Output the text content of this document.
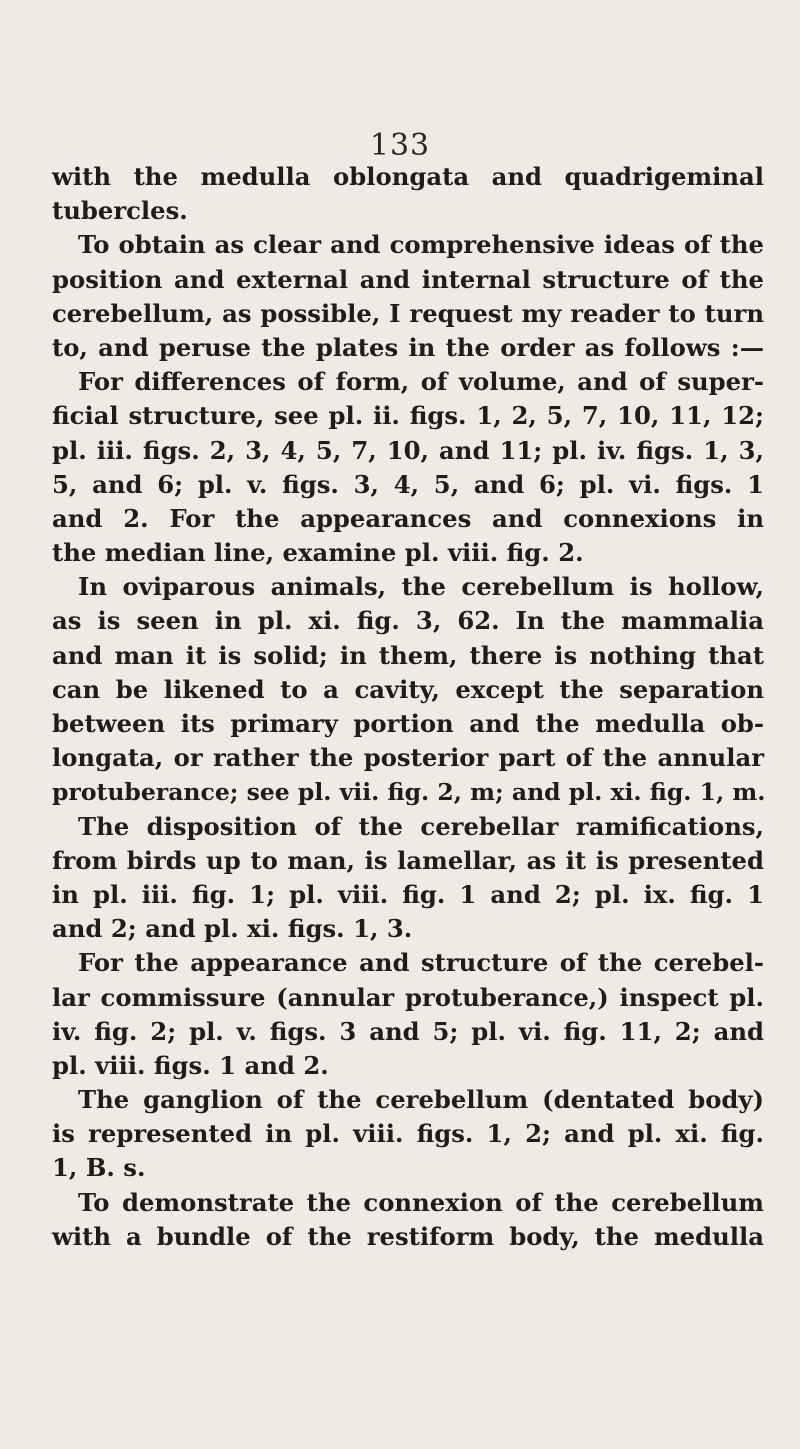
133
with the medulla oblongata and quadrigeminal
tubercles.
To obtain as clear and comprehensive ideas of the
position and external and internal structure of the
cerebellum, as possible, I request my reader to turn
to, and peruse the plates in the order as follows :—
For differences of form, of volume, and of super-
ficial structure, see pl. ii. figs. 1, 2, 5, 7, 10, 11, 12;
pl. iii. figs. 2, 3, 4, 5, 7, 10, and 11; pl. iv. figs. 1, 3,
5, and 6; pl. v. figs. 3, 4, 5, and 6; pl. vi. figs. 1
and 2. For the appearances and connexions in
the median line, examine pl. viii. fig. 2.
In oviparous animals, the cerebellum is hollow,
as is seen in pl. xi. fig. 3, 62. In the mammalia
and man it is solid; in them, there is nothing that
can be likened to a cavity, except the separation
between its primary portion and the medulla ob-
longata, or rather the posterior part of the annular
protuberance; see pl. vii. fig. 2, m; and pl. xi. fig. 1, m.
The disposition of the cerebellar ramifications,
from birds up to man, is lamellar, as it is presented
in pl. iii. fig. 1; pl. viii. fig. 1 and 2; pl. ix. fig. 1
and 2; and pl. xi. figs. 1, 3.
For the appearance and structure of the cerebel-
lar commissure (annular protuberance,) inspect pl.
iv. fig. 2; pl. v. figs. 3 and 5; pl. vi. fig. 11, 2; and
pl. viii. figs. 1 and 2.
The ganglion of the cerebellum (dentated body)
is represented in pl. viii. figs. 1, 2; and pl. xi. fig.
1, B. s.
To demonstrate the connexion of the cerebellum
with a bundle of the restiform body, the medulla
